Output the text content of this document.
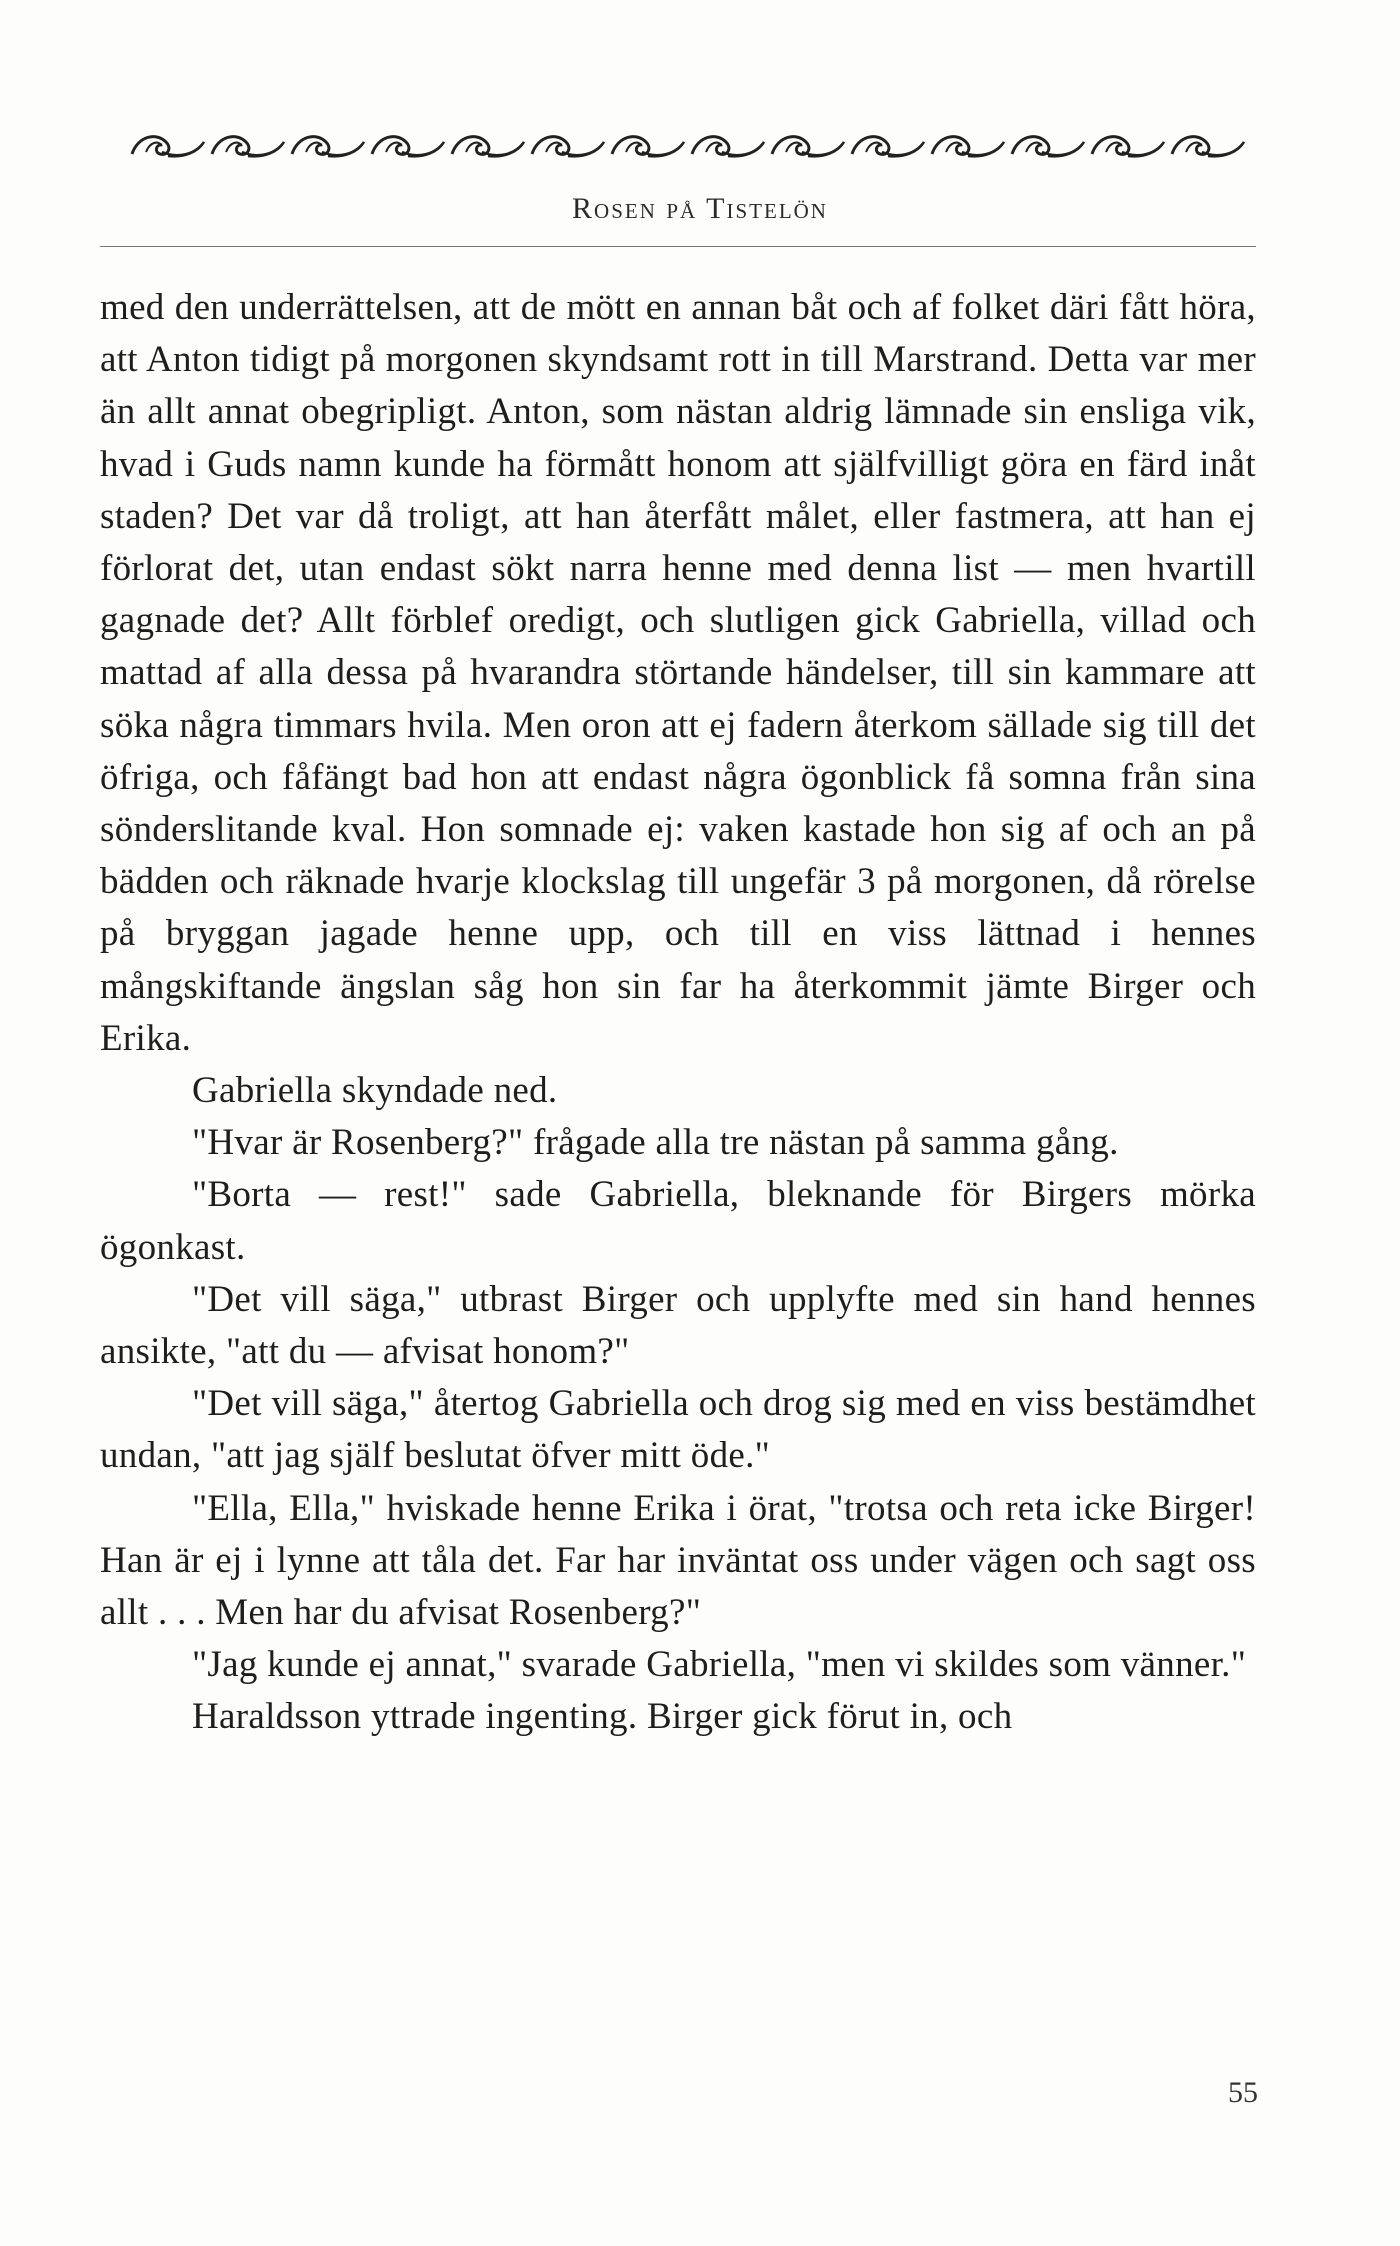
Rosen på Tistelön

med den underrättelsen, att de mött en annan båt och af folket däri fått höra, att Anton tidigt på morgonen skyndsamt rott in till Marstrand. Detta var mer än allt annat obegripligt. Anton, som nästan aldrig lämnade sin ensliga vik, hvad i Guds namn kunde ha förmått honom att själfvilligt göra en färd inåt staden? Det var då troligt, att han återfått målet, eller fastmera, att han ej förlorat det, utan endast sökt narra henne med denna list — men hvartill gagnade det? Allt förblef oredigt, och slutligen gick Gabriella, villad och mattad af alla dessa på hvarandra störtande händelser, till sin kammare att söka några timmars hvila. Men oron att ej fadern återkom sällade sig till det öfriga, och fåfängt bad hon att endast några ögonblick få somna från sina sönderslitande kval. Hon somnade ej: vaken kastade hon sig af och an på bädden och räknade hvarje klockslag till ungefär 3 på morgonen, då rörelse på bryggan jagade henne upp, och till en viss lättnad i hennes mångskiftande ängslan såg hon sin far ha återkommit jämte Birger och Erika.

Gabriella skyndade ned.

"Hvar är Rosenberg?" frågade alla tre nästan på samma gång.

"Borta — rest!" sade Gabriella, bleknande för Birgers mörka ögonkast.

"Det vill säga," utbrast Birger och upplyfte med sin hand hennes ansikte, "att du — afvisat honom?"

"Det vill säga," återtog Gabriella och drog sig med en viss bestämdhet undan, "att jag själf beslutat öfver mitt öde."

"Ella, Ella," hviskade henne Erika i örat, "trotsa och reta icke Birger! Han är ej i lynne att tåla det. Far har inväntat oss under vägen och sagt oss allt . . . Men har du afvisat Rosenberg?"

"Jag kunde ej annat," svarade Gabriella, "men vi skildes som vänner."

Haraldsson yttrade ingenting. Birger gick förut in, och

55
